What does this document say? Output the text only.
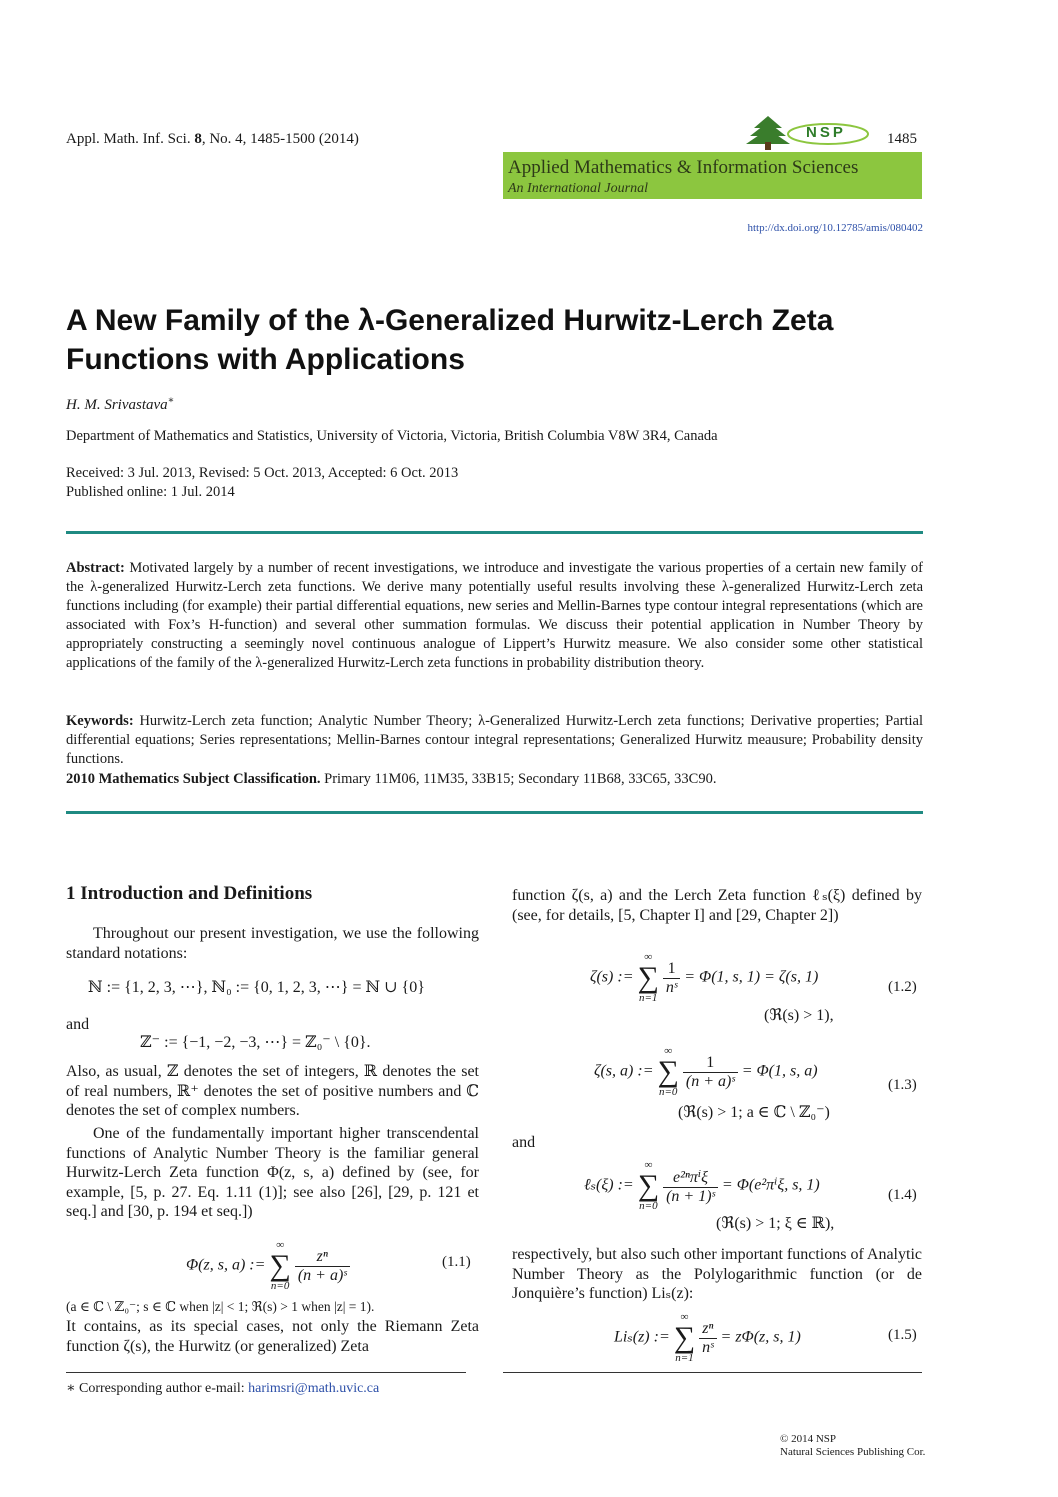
Appl. Math. Inf. Sci. 8, No. 4, 1485-1500 (2014)	1485
NSP
Applied Mathematics & Information Sciences
An International Journal
http://dx.doi.org/10.12785/amis/080402
A New Family of the λ-Generalized Hurwitz-Lerch Zeta
Functions with Applications
H. M. Srivastava∗
Department of Mathematics and Statistics, University of Victoria, Victoria, British Columbia V8W 3R4, Canada
Received: 3 Jul. 2013, Revised: 5 Oct. 2013, Accepted: 6 Oct. 2013
Published online: 1 Jul. 2014
Abstract: Motivated largely by a number of recent investigations, we introduce and investigate the various properties of a certain new family of the λ-generalized Hurwitz-Lerch zeta functions. We derive many potentially useful results involving these λ-generalized Hurwitz-Lerch zeta functions including (for example) their partial differential equations, new series and Mellin-Barnes type contour integral representations (which are associated with Fox’s H-function) and several other summation formulas. We discuss their potential application in Number Theory by appropriately constructing a seemingly novel continuous analogue of Lippert’s Hurwitz measure. We also consider some other statistical applications of the family of the λ-generalized Hurwitz-Lerch zeta functions in probability distribution theory.
Keywords: Hurwitz-Lerch zeta function; Analytic Number Theory; λ-Generalized Hurwitz-Lerch zeta functions; Derivative properties; Partial differential equations; Series representations; Mellin-Barnes contour integral representations; Generalized Hurwitz meausure; Probability density functions.
2010 Mathematics Subject Classification. Primary 11M06, 11M35, 33B15; Secondary 11B68, 33C65, 33C90.
1 Introduction and Definitions
Throughout our present investigation, we use the following standard notations:
ℕ := {1, 2, 3, ⋯}, ℕ₀ := {0, 1, 2, 3, ⋯} = ℕ ∪ {0}
and
ℤ⁻ := {−1, −2, −3, ⋯} = ℤ₀⁻ \ {0}.
Also, as usual, ℤ denotes the set of integers, ℝ denotes the set of real numbers, ℝ⁺ denotes the set of positive numbers and ℂ denotes the set of complex numbers.
One of the fundamentally important higher transcendental functions of Analytic Number Theory is the familiar general Hurwitz-Lerch Zeta function Φ(z, s, a) defined by (see, for example, [5, p. 27. Eq. 1.11 (1)]; see also [26], [29, p. 121 et seq.] and [30, p. 194 et seq.])
Φ(z, s, a) :=
∞
∑
n=0

$\frac{\text{zⁿ}}{\text{(n + a)ˢ}}$	(1.1)
(a ∈ ℂ \ ℤ₀⁻; s ∈ ℂ when |z| < 1; ℜ(s) > 1 when |z| = 1).
It contains, as its special cases, not only the Riemann Zeta function ζ(s), the Hurwitz (or generalized) Zeta
function ζ(s, a) and the Lerch Zeta function ℓₛ(ξ) defined by (see, for details, [5, Chapter I] and [29, Chapter 2])
ζ(s) :=
∞
∑
n=1

$\frac{1}{\text{nˢ}} = \Phi(1$, s, 1) = ζ(s, 1)
(1.2)
(ℜ(s) > 1),
ζ(s, a) :=
∞
∑
n=0

$\frac{1}{\text{(n + a)ˢ}} = \Phi(1$, s, a)
(1.3)
(ℜ(s) > 1; a ∈ ℂ \ ℤ₀⁻)
and
ℓₛ(ξ) :=
∞
∑
n=0

$\frac{\text{e²ⁿπⁱξ}}{\text{(n + 1)ˢ}} = \Phi(e^2\pi^i\xi$, s, 1)
(1.4)
(ℜ(s) > 1; ξ ∈ ℝ),
respectively, but also such other important functions of Analytic Number Theory as the Polylogarithmic function (or de Jonquière’s function) Liₛ(z):
Liₛ(z) :=
∞
∑
n=1

$\frac{\text{zⁿ}}{\text{nˢ}} = z\Phi(z$, s, 1)	(1.5)
∗ Corresponding author e-mail: harimsri@math.uvic.ca
© 2014 NSP
Natural Sciences Publishing Cor.
